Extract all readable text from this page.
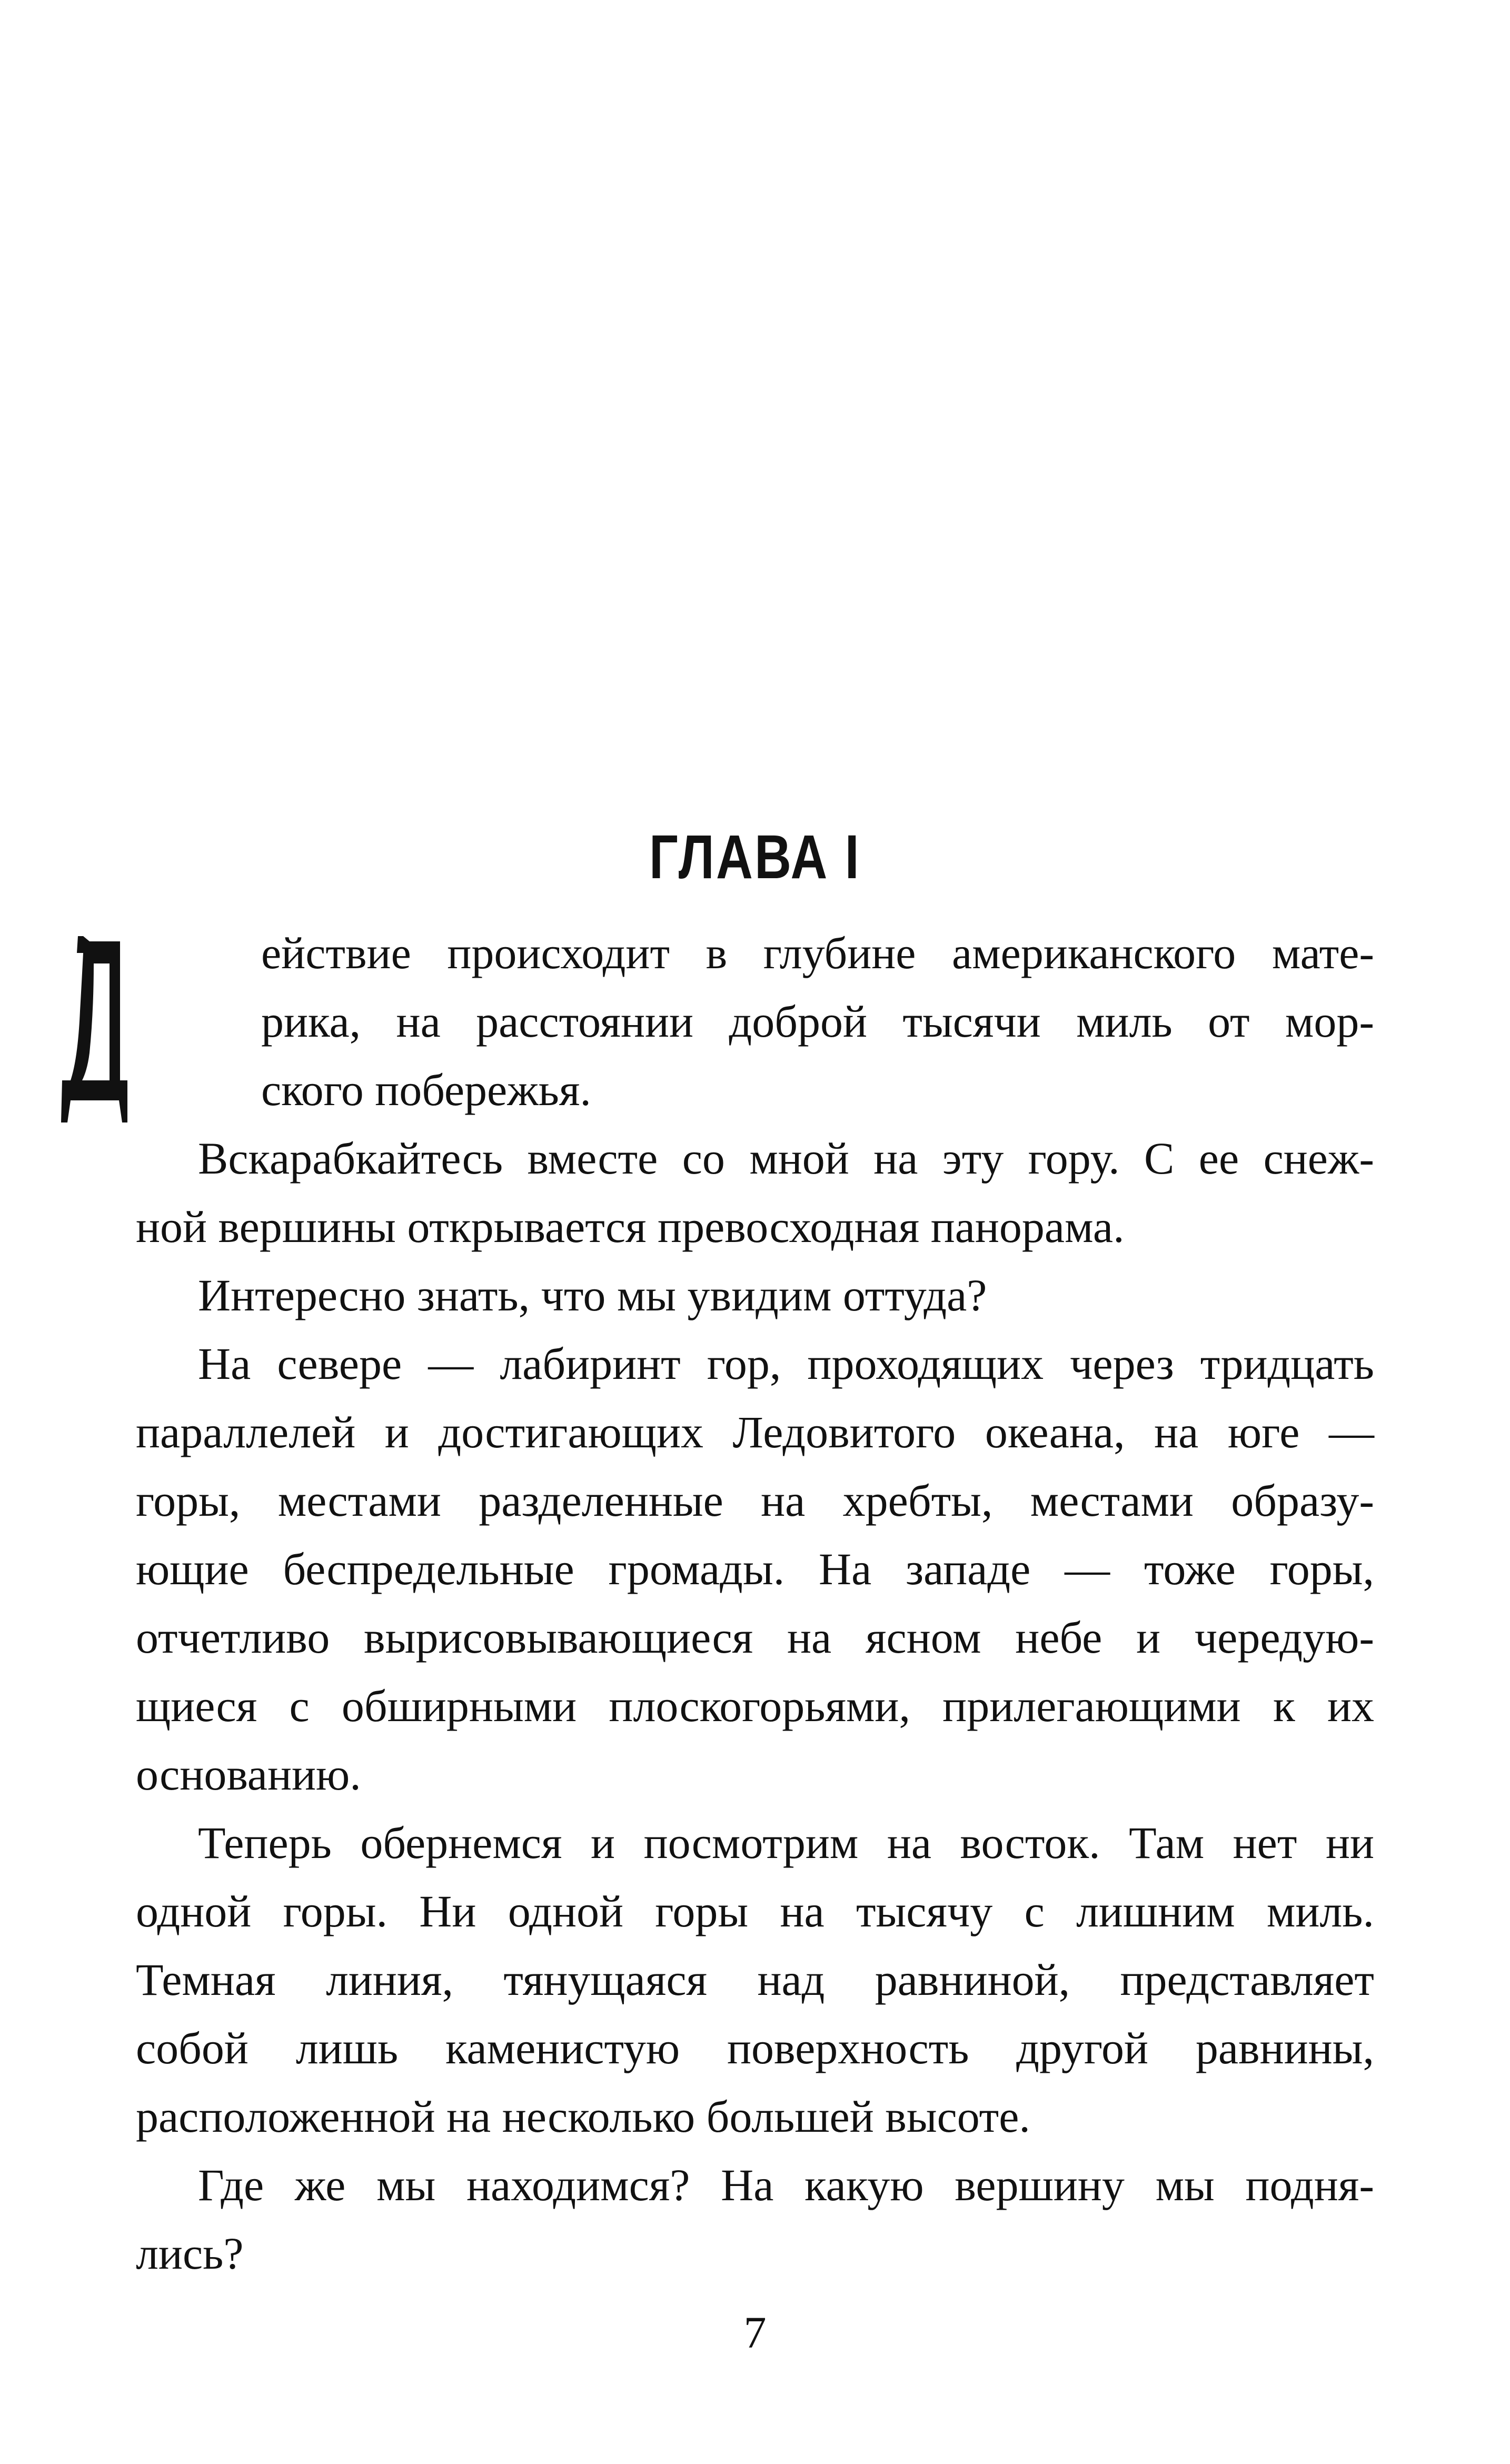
ГЛАВА I
ействие происходит в глубине американского мате-
рика, на расстоянии доброй тысячи миль от мор-
ского побережья.
Вскарабкайтесь вместе со мной на эту гору. С ее снеж-
ной вершины открывается превосходная панорама.
Интересно знать, что мы увидим оттуда?
На севере — лабиринт гор, проходящих через тридцать
параллелей и достигающих Ледовитого океана, на юге —
горы, местами разделенные на хребты, местами образу-
ющие беспредельные громады. На западе — тоже горы,
отчетливо вырисовывающиеся на ясном небе и чередую-
щиеся с обширными плоскогорьями, прилегающими к их
основанию.
Теперь обернемся и посмотрим на восток. Там нет ни
одной горы. Ни одной горы на тысячу с лишним миль.
Темная линия, тянущаяся над равниной, представляет
собой лишь каменистую поверхность другой равнины,
расположенной на несколько большей высоте.
Где же мы находимся? На какую вершину мы подня-
лись?
7
